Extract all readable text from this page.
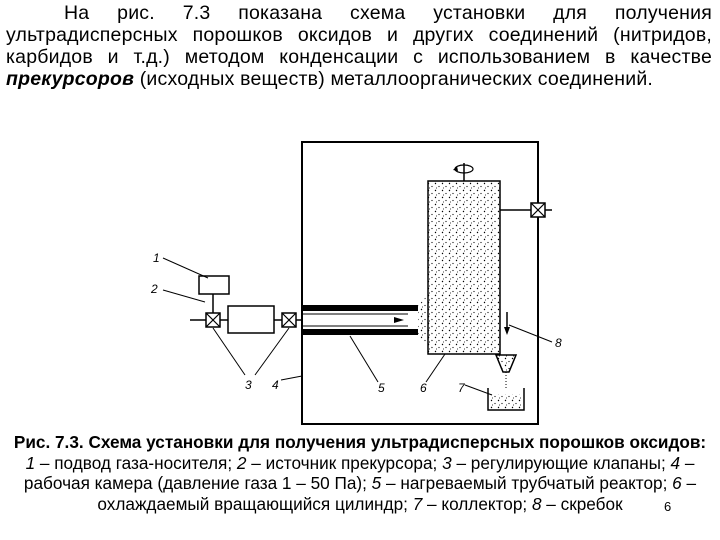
На рис. 7.3 показана схема установки для получения ультрадисперсных порошков оксидов и других соединений (нитридов, карбидов и т.д.) методом конденсации с использованием в качестве прекурсоров (исходных веществ) металлоорганических соединений.

1
2
3 4	5	6	7
8
Рис. 7.3. Схема установки для получения ультрадисперсных порошков оксидов: 1 – подвод газа-носителя; 2 – источник прекурсора; 3 – регулирующие клапаны; 4 – рабочая камера (давление газа 1 – 50 Па); 5 – нагреваемый трубчатый реактор; 6 – охлаждаемый вращающийся цилиндр; 7 – коллектор; 8 – скребок	6
